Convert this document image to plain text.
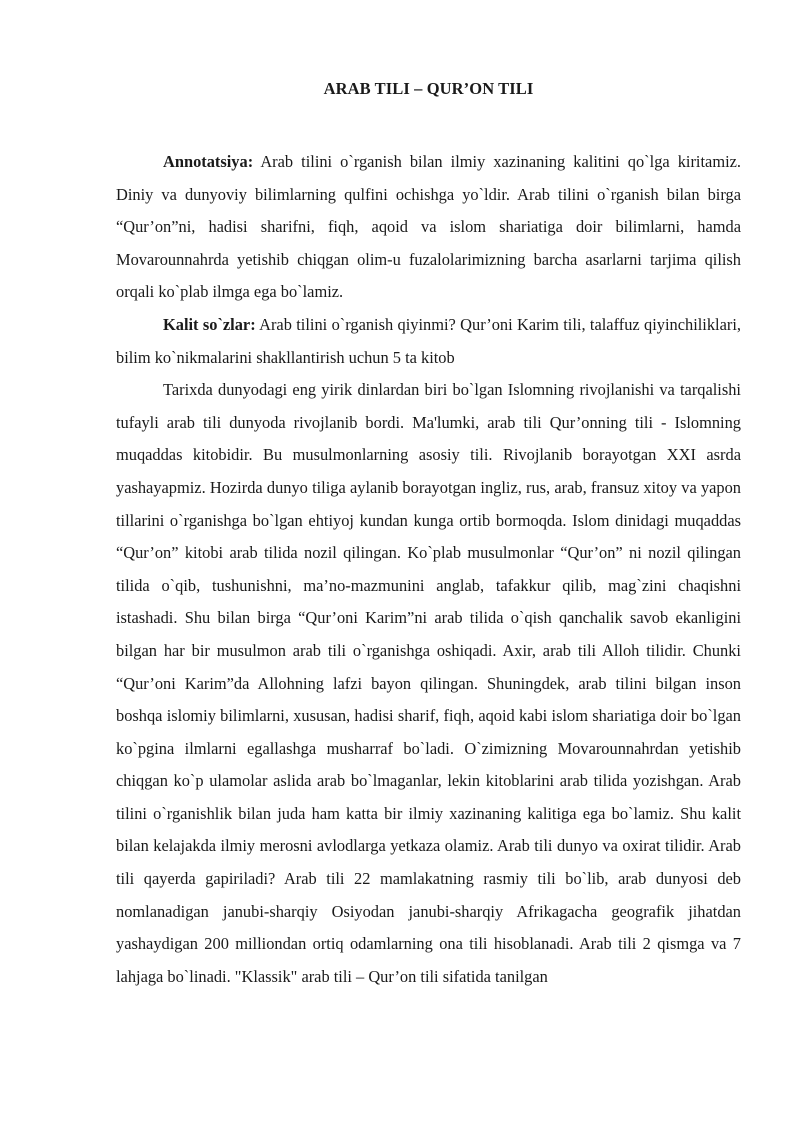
ARAB TILI – QUR’ON TILI

Annotatsiya: Arab tilini o`rganish bilan ilmiy xazinaning kalitini qo`lga kiritamiz. Diniy va dunyoviy bilimlarning qulfini ochishga yo`ldir. Arab tilini o`rganish bilan birga “Qur’on”ni, hadisi sharifni, fiqh, aqoid va islom shariatiga doir bilimlarni, hamda Movarounnahrda yetishib chiqgan olim-u fuzalolarimizning barcha asarlarni tarjima qilish orqali ko`plab ilmga ega bo`lamiz.

Kalit so`zlar: Arab tilini o`rganish qiyinmi? Qur’oni Karim tili, talaffuz qiyinchiliklari, bilim ko`nikmalarini shakllantirish uchun 5 ta kitob

Tarixda dunyodagi eng yirik dinlardan biri bo`lgan Islomning rivojlanishi va tarqalishi tufayli arab tili dunyoda rivojlanib bordi. Ma'lumki, arab tili Qur’onning tili - Islomning muqaddas kitobidir. Bu musulmonlarning asosiy tili. Rivojlanib borayotgan XXI asrda yashayapmiz. Hozirda dunyo tiliga aylanib borayotgan ingliz, rus, arab, fransuz xitoy va yapon tillarini o`rganishga bo`lgan ehtiyoj kundan kunga ortib bormoqda. Islom dinidagi muqaddas “Qur’on” kitobi arab tilida nozil qilingan. Ko`plab musulmonlar “Qur’on” ni nozil qilingan tilida o`qib, tushunishni, ma’no-mazmunini anglab, tafakkur qilib, mag`zini chaqishni istashadi. Shu bilan birga “Qur’oni Karim”ni arab tilida o`qish qanchalik savob ekanligini bilgan har bir musulmon arab tili o`rganishga oshiqadi. Axir, arab tili Alloh tilidir. Chunki “Qur’oni Karim”da Allohning lafzi bayon qilingan. Shuningdek, arab tilini bilgan inson boshqa islomiy bilimlarni, xususan, hadisi sharif, fiqh, aqoid kabi islom shariatiga doir bo`lgan ko`pgina ilmlarni egallashga musharraf bo`ladi. O`zimizning Movarounnahrdan yetishib chiqgan ko`p ulamolar aslida arab bo`lmaganlar, lekin kitoblarini arab tilida yozishgan. Arab tilini o`rganishlik bilan juda ham katta bir ilmiy xazinaning kalitiga ega bo`lamiz. Shu kalit bilan kelajakda ilmiy merosni avlodlarga yetkaza olamiz. Arab tili dunyo va oxirat tilidir. Arab tili qayerda gapiriladi? Arab tili 22 mamlakatning rasmiy tili bo`lib, arab dunyosi deb nomlanadigan janubi-sharqiy Osiyodan janubi-sharqiy Afrikagacha geografik jihatdan yashaydigan 200 milliondan ortiq odamlarning ona tili hisoblanadi. Arab tili 2 qismga va 7 lahjaga bo`linadi. "Klassik" arab tili – Qur’on tili sifatida tanilgan
